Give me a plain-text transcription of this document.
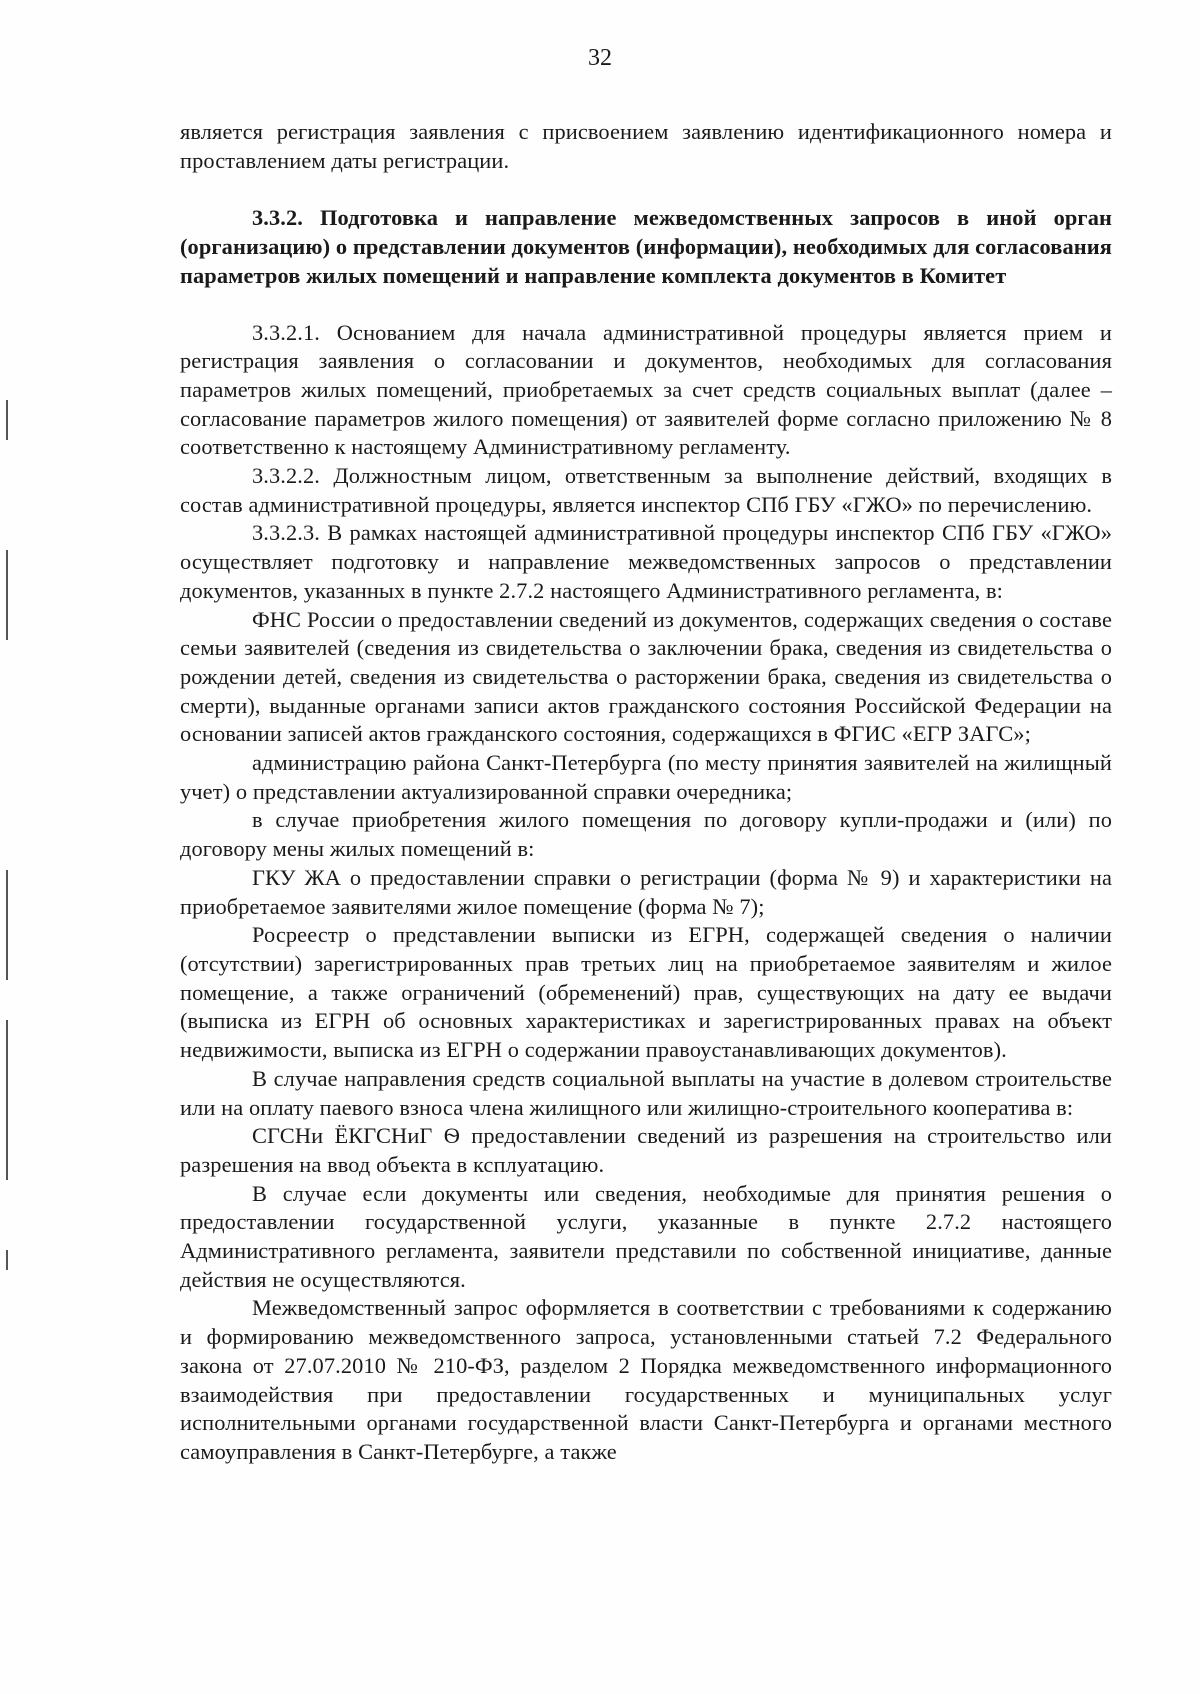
32

является регистрация заявления с присвоением заявлению идентификационного номера и проставлением даты регистрации.

3.3.2. Подготовка и направление межведомственных запросов в иной орган (организацию) о представлении документов (информации), необходимых для согласования параметров жилых помещений и направление комплекта документов в Комитет

3.3.2.1. Основанием для начала административной процедуры является прием и регистрация заявления о согласовании и документов, необходимых для согласования параметров жилых помещений, приобретаемых за счет средств социальных выплат (далее – согласование параметров жилого помещения) от заявителей форме согласно приложению № 8 соответственно к настоящему Административному регламенту.

3.3.2.2. Должностным лицом, ответственным за выполнение действий, входящих в состав административной процедуры, является инспектор СПб ГБУ «ГЖО» по перечислению.

3.3.2.3. В рамках настоящей административной процедуры инспектор СПб ГБУ «ГЖО» осуществляет подготовку и направление межведомственных запросов о представлении документов, указанных в пункте 2.7.2 настоящего Административного регламента, в:

ФНС России о предоставлении сведений из документов, содержащих сведения о составе семьи заявителей (сведения из свидетельства о заключении брака, сведения из свидетельства о рождении детей, сведения из свидетельства о расторжении брака, сведения из свидетельства о смерти), выданные органами записи актов гражданского состояния Российской Федерации на основании записей актов гражданского состояния, содержащихся в ФГИС «ЕГР ЗАГС»;

администрацию района Санкт-Петербурга (по месту принятия заявителей на жилищный учет) о представлении актуализированной справки очередника;

в случае приобретения жилого помещения по договору купли-продажи и (или) по договору мены жилых помещений в:

ГКУ ЖА о предоставлении справки о регистрации (форма № 9) и характеристики на приобретаемое заявителями жилое помещение (форма № 7);

Росреестр о представлении выписки из ЕГРН, содержащей сведения о наличии (отсутствии) зарегистрированных прав третьих лиц на приобретаемое заявителям и жилое помещение, а также ограничений (обременений) прав, существующих на дату ее выдачи (выписка из ЕГРН об основных характеристиках и зарегистрированных правах на объект недвижимости, выписка из ЕГРН о содержании правоустанавливающих документов).

В случае направления средств социальной выплаты на участие в долевом строительстве или на оплату паевого взноса члена жилищного или жилищно-строительного кооператива в:

СГСНи ЁКГСНиГ Ѳ предоставлении сведений из разрешения на строительство или разрешения на ввод объекта в ксплуатацию.

В случае если документы или сведения, необходимые для принятия решения о предоставлении государственной услуги, указанные в пункте 2.7.2 настоящего Административного регламента, заявители представили по собственной инициативе, данные действия не осуществляются.

Межведомственный запрос оформляется в соответствии с требованиями к содержанию и формированию межведомственного запроса, установленными статьей 7.2 Федерального закона от 27.07.2010 № 210-ФЗ, разделом 2 Порядка межведомственного информационного взаимодействия при предоставлении государственных и муниципальных услуг исполнительными органами государственной власти Санкт-Петербурга и органами местного самоуправления в Санкт-Петербурге, а также
